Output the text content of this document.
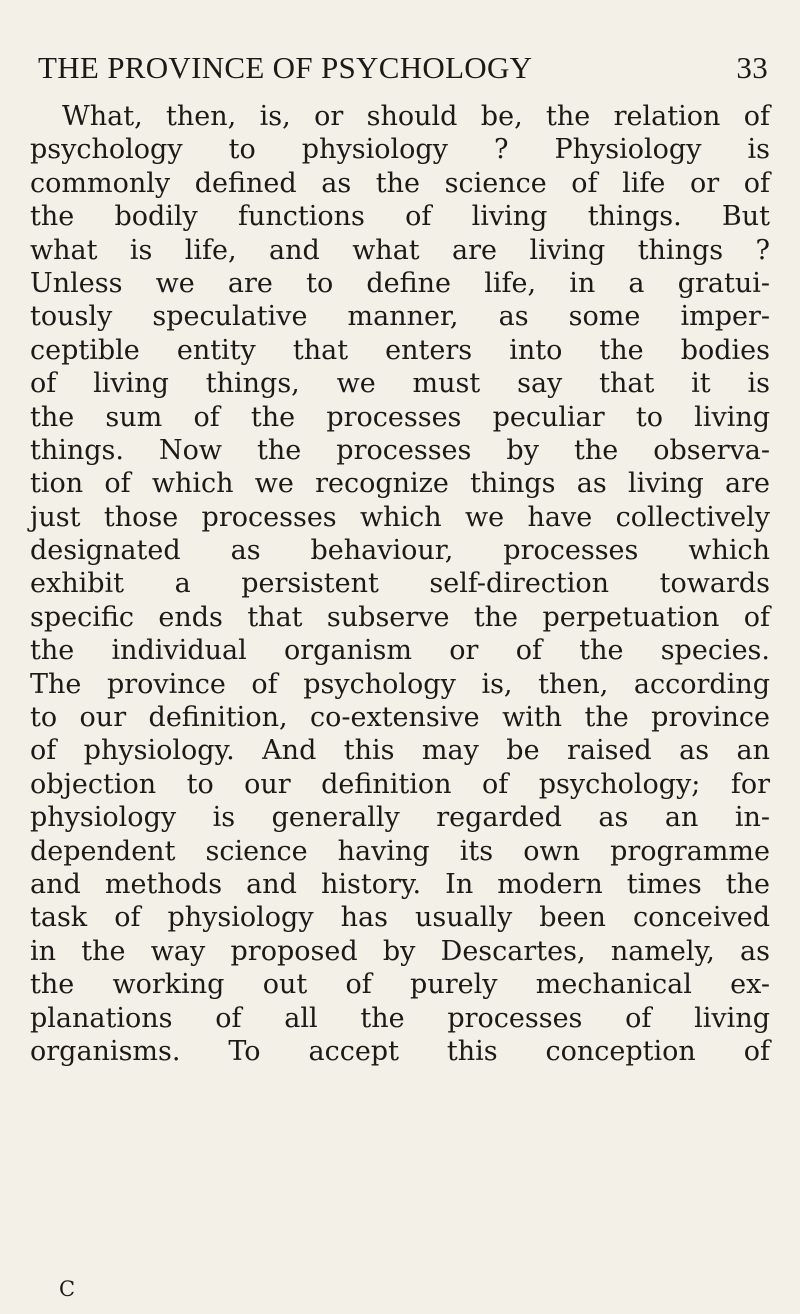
THE PROVINCE OF PSYCHOLOGY	33
What, then, is, or should be, the relation of
psychology to physiology ? Physiology is
commonly defined as the science of life or of
the bodily functions of living things. But
what is life, and what are living things ?
Unless we are to define life, in a gratui-
tously speculative manner, as some imper-
ceptible entity that enters into the bodies
of living things, we must say that it is
the sum of the processes peculiar to living
things. Now the processes by the observa-
tion of which we recognize things as living are
just those processes which we have collectively
designated as behaviour, processes which
exhibit a persistent self-direction towards
specific ends that subserve the perpetuation of
the individual organism or of the species.
The province of psychology is, then, according
to our definition, co-extensive with the province
of physiology. And this may be raised as an
objection to our definition of psychology; for
physiology is generally regarded as an in-
dependent science having its own programme
and methods and history. In modern times the
task of physiology has usually been conceived
in the way proposed by Descartes, namely, as
the working out of purely mechanical ex-
planations of all the processes of living
organisms. To accept this conception of
C
